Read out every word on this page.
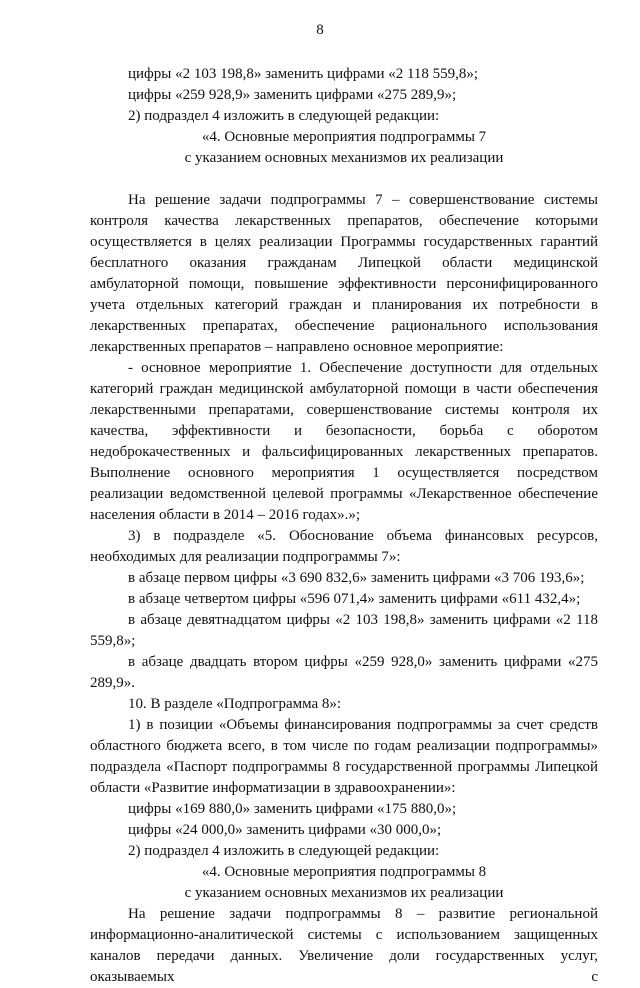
8

цифры «2 103 198,8» заменить цифрами «2 118 559,8»;

цифры «259 928,9» заменить цифрами «275 289,9»;

2) подраздел 4 изложить в следующей редакции:

«4. Основные мероприятия подпрограммы 7

с указанием основных механизмов их реализации

На решение задачи подпрограммы 7 – совершенствование системы контроля качества лекарственных препаратов, обеспечение которыми осуществляется в целях реализации Программы государственных гарантий бесплатного оказания гражданам Липецкой области медицинской амбулаторной помощи, повышение эффективности персонифицированного учета отдельных категорий граждан и планирования их потребности в лекарственных препаратах, обеспечение рационального использования лекарственных препаратов – направлено основное мероприятие:

- основное мероприятие 1. Обеспечение доступности для отдельных категорий граждан медицинской амбулаторной помощи в части обеспечения лекарственными препаратами, совершенствование системы контроля их качества, эффективности и безопасности, борьба с оборотом недоброкачественных и фальсифицированных лекарственных препаратов. Выполнение основного мероприятия 1 осуществляется посредством реализации ведомственной целевой программы «Лекарственное обеспечение населения области в 2014 – 2016 годах».»;

3) в подразделе «5. Обоснование объема финансовых ресурсов, необходимых для реализации подпрограммы 7»:

в абзаце первом цифры «3 690 832,6» заменить цифрами «3 706 193,6»;

в абзаце четвертом цифры «596 071,4» заменить цифрами «611 432,4»;

в абзаце девятнадцатом цифры «2 103 198,8» заменить цифрами «2 118 559,8»;

в абзаце двадцать втором цифры «259 928,0» заменить цифрами «275 289,9».

10. В разделе «Подпрограмма 8»:

1) в позиции «Объемы финансирования подпрограммы за счет средств областного бюджета всего, в том числе по годам реализации подпрограммы» подраздела «Паспорт подпрограммы 8 государственной программы Липецкой области «Развитие информатизации в здравоохранении»:

цифры «169 880,0» заменить цифрами «175 880,0»;

цифры «24 000,0» заменить цифрами «30 000,0»;

2) подраздел 4 изложить в следующей редакции:

«4. Основные мероприятия подпрограммы 8

с указанием основных механизмов их реализации

На решение задачи подпрограммы 8 – развитие региональной информационно-аналитической системы с использованием защищенных каналов передачи данных. Увеличение доли государственных услуг, оказываемых с
